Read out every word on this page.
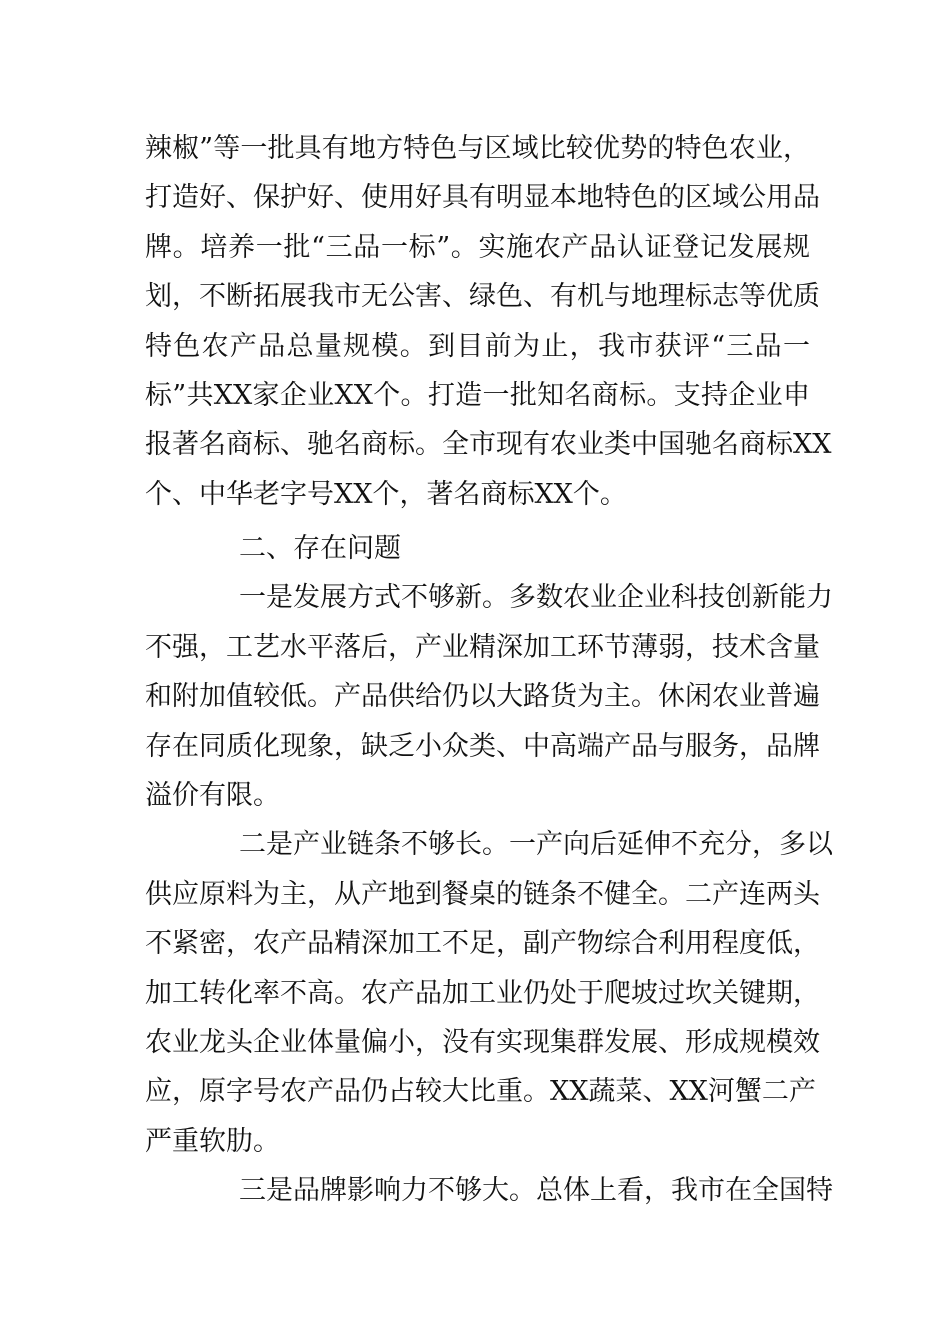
辣椒”等一批具有地方特色与区域比较优势的特色农业，
打造好、保护好、使用好具有明显本地特色的区域公用品
牌。培养一批“三品一标”。实施农产品认证登记发展规
划，不断拓展我市无公害、绿色、有机与地理标志等优质
特色农产品总量规模。到目前为止，我市获评“三品一
标”共XX家企业XX个。打造一批知名商标。支持企业申
报著名商标、驰名商标。全市现有农业类中国驰名商标XX
个、中华老字号XX个，著名商标XX个。
二、存在问题
一是发展方式不够新。多数农业企业科技创新能力
不强，工艺水平落后，产业精深加工环节薄弱，技术含量
和附加值较低。产品供给仍以大路货为主。休闲农业普遍
存在同质化现象，缺乏小众类、中高端产品与服务，品牌
溢价有限。
二是产业链条不够长。一产向后延伸不充分，多以
供应原料为主，从产地到餐桌的链条不健全。二产连两头
不紧密，农产品精深加工不足，副产物综合利用程度低，
加工转化率不高。农产品加工业仍处于爬坡过坎关键期，
农业龙头企业体量偏小，没有实现集群发展、形成规模效
应，原字号农产品仍占较大比重。XX蔬菜、XX河蟹二产
严重软肋。
三是品牌影响力不够大。总体上看，我市在全国特
